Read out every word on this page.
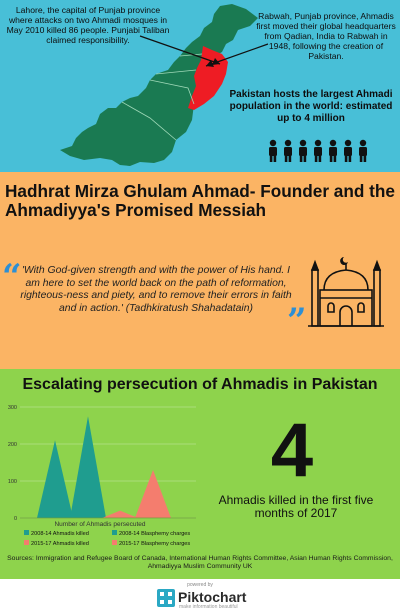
Lahore, the capital of Punjab province where attacks on two Ahmadi mosques in May 2010 killed 86 people. Punjabi Taliban claimed responsibility.
Rabwah, Punjab province, Ahmadis first moved their global headquarters from Qadian, India to Rabwah in 1948, following the creation of Pakistan.
Pakistan hosts the largest Ahmadi population in the world: estimated up to 4 million
Hadhrat Mirza Ghulam Ahmad- Founder and the Ahmadiyya's Promised Messiah
“ 'With God-given strength and with the power of His hand. I am here to set the world back on the path of reformation, righteous-ness and piety, and to remove their errors in faith and in action.' (Tadhkiratush Shahadatain)	”
Escalating persecution of Ahmadis in Pakistan
0
100
200
300
2008-14 Ahmadis killed	2008-14 Blasphemy charges
2015-17 Ahmadis killed	2015-17 Blasphemy charges
Number of Ahmadis persecuted
4
Ahmadis killed in the first five months of 2017
Sources: Immigration and Refugee Board of Canada, International Human Rights Committee, Asian Human Rights Commission, Ahmadiyya Muslim Community UK
powered by
Piktochart
make information beautiful
